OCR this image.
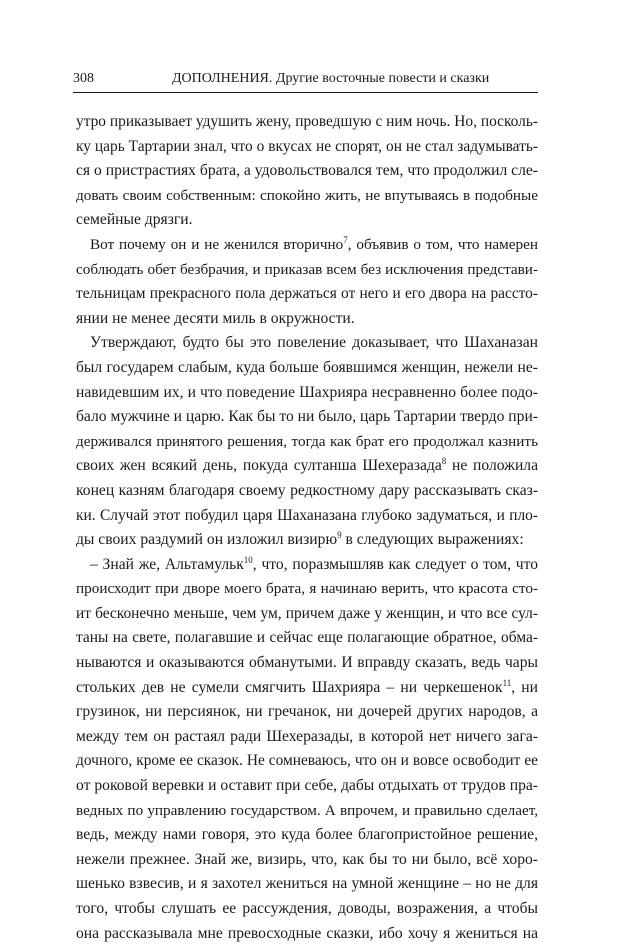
308	ДОПОЛНЕНИЯ. Другие восточные повести и сказки
утро приказывает удушить жену, проведшую с ним ночь. Но, посколь-
ку царь Тартарии знал, что о вкусах не спорят, он не стал задумывать-
ся о пристрастиях брата, а удовольствовался тем, что продолжил сле-
довать своим собственным: спокойно жить, не впутываясь в подобные
семейные дрязги.
Вот почему он и не женился вторично$^7$, объявив о том, что намерен
соблюдать обет безбрачия, и приказав всем без исключения представи-
тельницам прекрасного пола держаться от него и его двора на рассто-
янии не менее десяти миль в окружности.
Утверждают, будто бы это повеление доказывает, что Шаханазан
был государем слабым, куда больше боявшимся женщин, нежели не-
навидевшим их, и что поведение Шахрияра несравненно более подо-
бало мужчине и царю. Как бы то ни было, царь Тартарии твердо при-
держивался принятого решения, тогда как брат его продолжал казнить
своих жен всякий день, покуда султанша Шехеразада$^8$ не положила
конец казням благодаря своему редкостному дару рассказывать сказ-
ки. Случай этот побудил царя Шаханазана глубоко задуматься, и пло-
ды своих раздумий он изложил визирю$^9$ в следующих выражениях:
– Знай же, Альтамульк$^{10}$, что, поразмышляв как следует о том, что
происходит при дворе моего брата, я начинаю верить, что красота сто-
ит бесконечно меньше, чем ум, причем даже у женщин, и что все сул-
таны на свете, полагавшие и сейчас еще полагающие обратное, обма-
нываются и оказываются обманутыми. И вправду сказать, ведь чары
стольких дев не сумели смягчить Шахрияра – ни черкешенок$^{11}$, ни
грузинок, ни персиянок, ни гречанок, ни дочерей других народов, а
между тем он растаял ради Шехеразады, в которой нет ничего зага-
дочного, кроме ее сказок. Не сомневаюсь, что он и вовсе освободит ее
от роковой веревки и оставит при себе, дабы отдыхать от трудов пра-
ведных по управлению государством. А впрочем, и правильно сделает,
ведь, между нами говоря, это куда более благопристойное решение,
нежели прежнее. Знай же, визирь, что, как бы то ни было, всё хоро-
шенько взвесив, и я захотел жениться на умной женщине – но не для
того, чтобы слушать ее рассуждения, доводы, возражения, а чтобы
она рассказывала мне превосходные сказки, ибо хочу я жениться на
